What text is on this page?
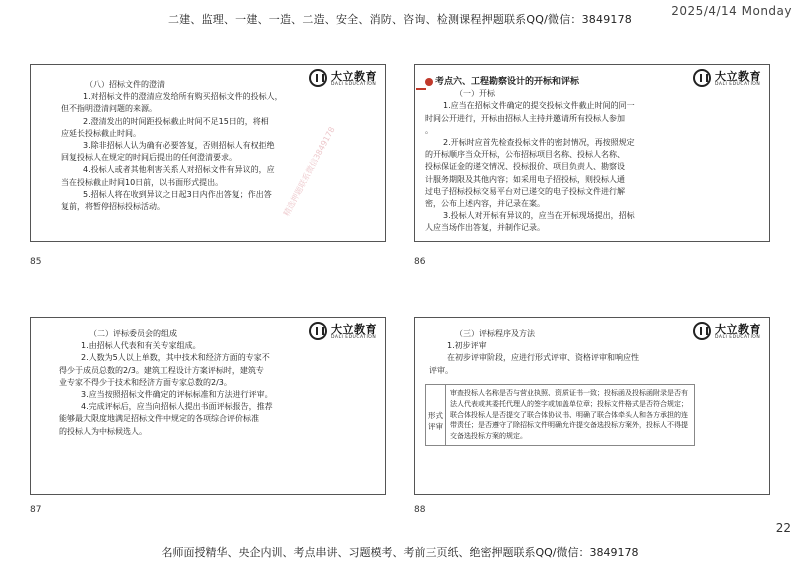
2025/4/14 Monday
二建、监理、一建、一造、二造、安全、消防、咨询、检测课程押题联系QQ/微信：3849178
大立教育
DALI EDUCATION

（八）招标文件的澄清

1.对招标文件的澄清应发给所有购买招标文件的投标人，

但不指明澄清问题的来源。

2.澄清发出的时间距投标截止时间不足15日的，将相

应延长投标截止时间。

3.除非招标人认为确有必要答复，否则招标人有权拒绝

回复投标人在规定的时间后提出的任何澄清要求。

4.投标人或者其他利害关系人对招标文件有异议的，应

当在投标截止时间10日前，以书面形式提出。

5.招标人将在收到异议之日起3日内作出答复；作出答

复前，将暂停招标投标活动。	精选押题联系微信3849178
85
大立教育
DALI EDUCATION

考点六、工程勘察设计的开标和评标

（一）开标

1.应当在招标文件确定的提交投标文件截止时间的同一

时间公开进行，开标由招标人主持并邀请所有投标人参加

。

2.开标时应首先检查投标文件的密封情况，再按照规定

的开标顺序当众开标，公布招标项目名称、投标人名称、

投标保证金的递交情况、投标报价、项目负责人、勘察设

计服务期限及其他内容；如采用电子招投标，则投标人通

过电子招标投标交易平台对已递交的电子投标文件进行解

密，公布上述内容，并记录在案。

3.投标人对开标有异议的，应当在开标现场提出，招标

人应当场作出答复，并制作记录。

86
大立教育
DALI EDUCATION

（二）评标委员会的组成

1.由招标人代表和有关专家组成。

2.人数为5人以上单数，其中技术和经济方面的专家不

得少于成员总数的2/3。建筑工程设计方案评标时，建筑专

业专家不得少于技术和经济方面专家总数的2/3。

3.应当按照招标文件确定的评标标准和方法进行评审。

4.完成评标后，应当向招标人提出书面评标报告，推荐

能够最大限度地满足招标文件中规定的各项综合评价标准

的投标人为中标候选人。

87
大立教育
DALI EDUCATION

（三）评标程序及方法

1.初步评审

在初步评审阶段，应进行形式评审、资格评审和响应性

评审。

形式评审
审查投标人名称是否与营业执照、资质证书一致；投标函及投标函附录是否有法人代表或其委托代理人的签字或加盖单位章；投标文件格式是否符合规定；联合体投标人是否提交了联合体协议书、明确了联合体牵头人和各方承担的连带责任；是否遵守了除招标文件明确允许提交备选投标方案外，投标人不得提交备选投标方案的规定。
88
22
名师面授精华、央企内训、考点串讲、习题模考、考前三页纸、绝密押题联系QQ/微信：3849178
